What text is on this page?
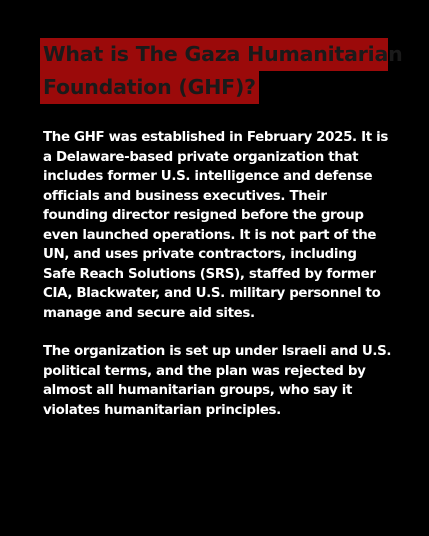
What is The Gaza Humanitarian
Foundation (GHF)?

The GHF was established in February 2025. It is a Delaware-based private organization that includes former U.S. intelligence and defense officials and business executives. Their founding director resigned before the group even launched operations. It is not part of the UN, and uses private contractors, including Safe Reach Solutions (SRS), staffed by former CIA, Blackwater, and U.S. military personnel to manage and secure aid sites.

The organization is set up under Israeli and U.S. political terms, and the plan was rejected by almost all humanitarian groups, who say it violates humanitarian principles.
